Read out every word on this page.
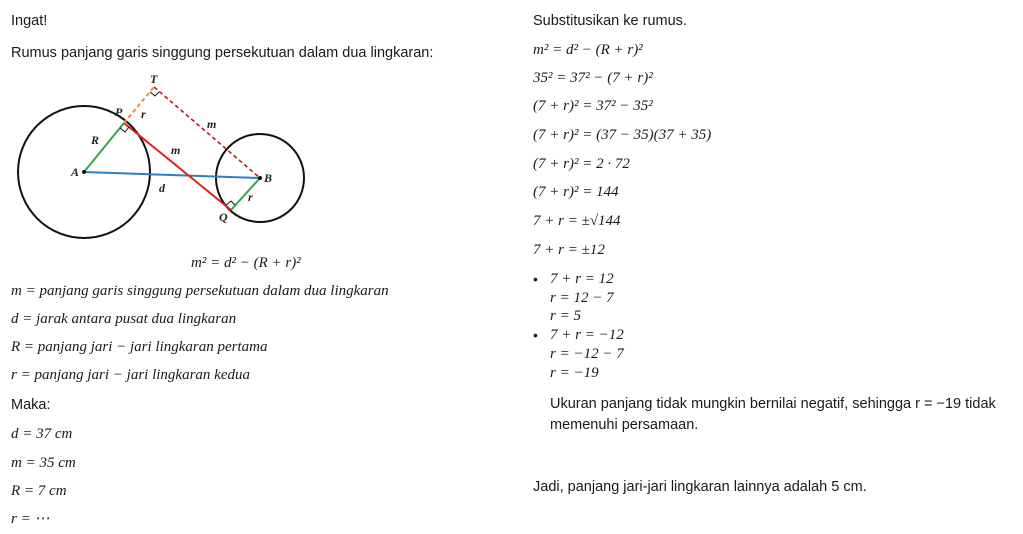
Ingat!
Rumus panjang garis singgung persekutuan dalam dua lingkaran:
T
P r
m
R
m
A
d
B
r
Q
m² = d² − (R + r)²
m = panjang garis singgung persekutuan dalam dua lingkaran
d = jarak antara pusat dua lingkaran
R = panjang jari − jari lingkaran pertama
r = panjang jari − jari lingkaran kedua
Maka:
d = 37 cm
m = 35 cm
R = 7 cm
r = ⋯
Substitusikan ke rumus.
m² = d² − (R + r)²
35² = 37² − (7 + r)²
(7 + r)² = 37² − 35²
(7 + r)² = (37 − 35)(37 + 35)
(7 + r)² = 2 · 72
(7 + r)² = 144
7 + r = ±√144
7 + r = ±12
• 7 + r = 12
r = 12 − 7
r = 5
• 7 + r = −12
r = −12 − 7
r = −19
Ukuran panjang tidak mungkin bernilai negatif, sehingga r = −19 tidak memenuhi persamaan.
Jadi, panjang jari-jari lingkaran lainnya adalah 5 cm.
